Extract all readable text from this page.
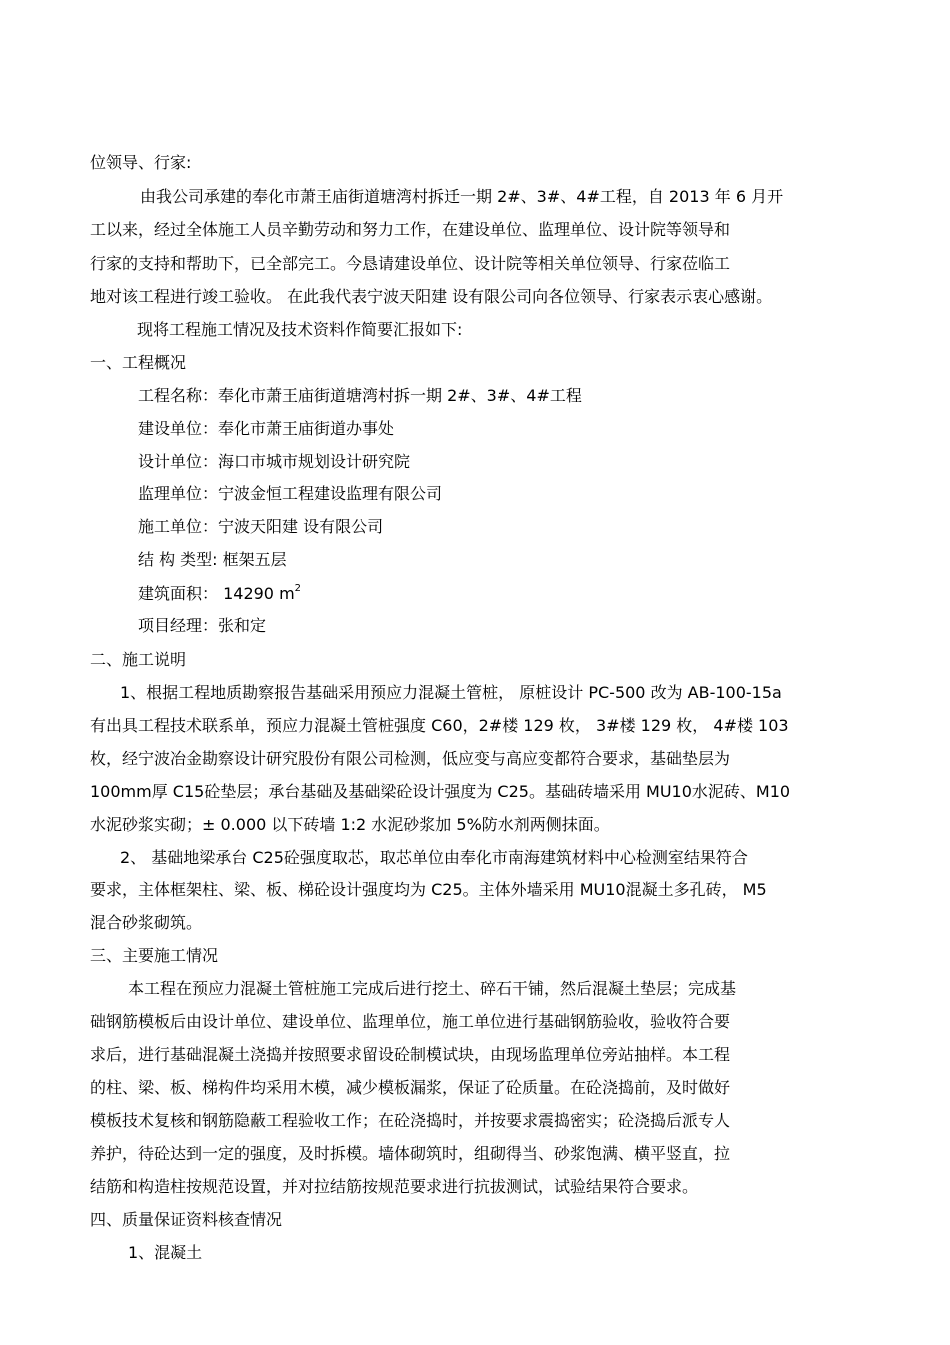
位领导、行家:
由我公司承建的奉化市萧王庙街道塘湾村拆迁一期 2#、3#、4#工程，自 2013 年 6 月开
工以来，经过全体施工人员辛勤劳动和努力工作，在建设单位、监理单位、设计院等领导和
行家的支持和帮助下，已全部完工。今恳请建设单位、设计院等相关单位领导、行家莅临工
地对该工程进行竣工验收。 在此我代表宁波天阳建 设有限公司向各位领导、行家表示衷心感谢。
现将工程施工情况及技术资料作简要汇报如下:
一、工程概况
工程名称：奉化市萧王庙街道塘湾村拆一期 2#、3#、4#工程
建设单位：奉化市萧王庙街道办事处
设计单位：海口市城市规划设计研究院
监理单位：宁波金恒工程建设监理有限公司
施工单位：宁波天阳建 设有限公司
结 构 类型: 框架五层
建筑面积： 14290 $m^2$
项目经理：张和定
二、施工说明
1、根据工程地质勘察报告基础采用预应力混凝土管桩， 原桩设计 PC-500 改为 AB-100-15a
有出具工程技术联系单，预应力混凝土管桩强度 C60，2#楼 129 枚， 3#楼 129 枚， 4#楼 103
枚，经宁波冶金勘察设计研究股份有限公司检测，低应变与高应变都符合要求，基础垫层为
100mm厚 C15砼垫层；承台基础及基础梁砼设计强度为 C25。基础砖墙采用 MU10水泥砖、M10
水泥砂浆实砌；± 0.000 以下砖墙 1:2 水泥砂浆加 5%防水剂两侧抹面。
2、 基础地梁承台 C25砼强度取芯，取芯单位由奉化市南海建筑材料中心检测室结果符合
要求，主体框架柱、梁、板、梯砼设计强度均为 C25。主体外墙采用 MU10混凝土多孔砖， M5
混合砂浆砌筑。
三、主要施工情况
本工程在预应力混凝土管桩施工完成后进行挖土、碎石干铺，然后混凝土垫层；完成基
础钢筋模板后由设计单位、建设单位、监理单位，施工单位进行基础钢筋验收，验收符合要
求后，进行基础混凝土浇捣并按照要求留设砼制模试块，由现场监理单位旁站抽样。本工程
的柱、梁、板、梯构件均采用木模，减少模板漏浆，保证了砼质量。在砼浇捣前，及时做好
模板技术复核和钢筋隐蔽工程验收工作；在砼浇捣时，并按要求震捣密实；砼浇捣后派专人
养护，待砼达到一定的强度，及时拆模。墙体砌筑时，组砌得当、砂浆饱满、横平竖直，拉
结筋和构造柱按规范设置，并对拉结筋按规范要求进行抗拔测试，试验结果符合要求。
四、质量保证资料核查情况
1、混凝土
